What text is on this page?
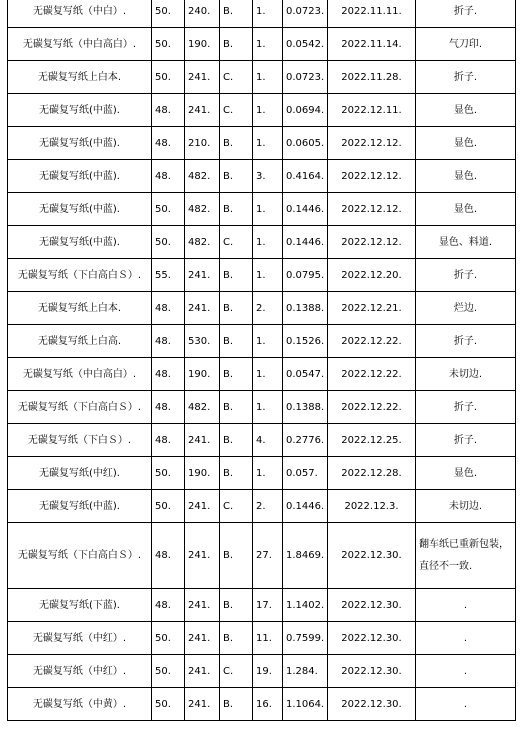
无碳复写纸（中白）.	50.	240.	B.	1.	0.0723.	2022.11.11.	折子.

无碳复写纸（中白高白）.	50.	190.	B.	1.	0.0542.	2022.11.14.	气刀印.

无碳复写纸上白本.	50.	241.	C.	1.	0.0723.	2022.11.28.	折子.

无碳复写纸(中蓝).	48.	241.	C.	1.	0.0694.	2022.12.11.	显色.

无碳复写纸(中蓝).	48.	210.	B.	1.	0.0605.	2022.12.12.	显色.

无碳复写纸(中蓝).	48.	482.	B.	3.	0.4164.	2022.12.12.	显色.

无碳复写纸(中蓝).	50.	482.	B.	1.	0.1446.	2022.12.12.	显色.

无碳复写纸(中蓝).	50.	482.	C.	1.	0.1446.	2022.12.12.	显色、料道.

无碳复写纸（下白高白Ｓ）.	55.	241.	B.	1.	0.0795.	2022.12.20.	折子.

无碳复写纸上白本.	48.	241.	B.	2.	0.1388.	2022.12.21.	烂边.

无碳复写纸上白高.	48.	530.	B.	1.	0.1526.	2022.12.22.	折子.

无碳复写纸（中白高白）.	48.	190.	B.	1.	0.0547.	2022.12.22.	未切边.

无碳复写纸（下白高白Ｓ）.	48.	482.	B.	1.	0.1388.	2022.12.22.	折子.

无碳复写纸（下白Ｓ）.	48.	241.	B.	4.	0.2776.	2022.12.25.	折子.

无碳复写纸(中红).	50.	190.	B.	1.	0.057.	2022.12.28.	显色.

无碳复写纸(中蓝).	50.	241.	C.	2.	0.1446.	2022.12.3.	未切边.

无碳复写纸（下白高白Ｓ）.	48.	241.	B.	27.	1.8469.	2022.12.30.	翻车纸已重新包装，
直径不一致.

无碳复写纸(下蓝).	48.	241.	B.	17.	1.1402.	2022.12.30.	.

无碳复写纸（中红）.	50.	241.	B.	11.	0.7599.	2022.12.30.	.

无碳复写纸（中红）.	50.	241.	C.	19.	1.284.	2022.12.30.	.

无碳复写纸（中黄）.	50.	241.	B.	16.	1.1064.	2022.12.30.	.
